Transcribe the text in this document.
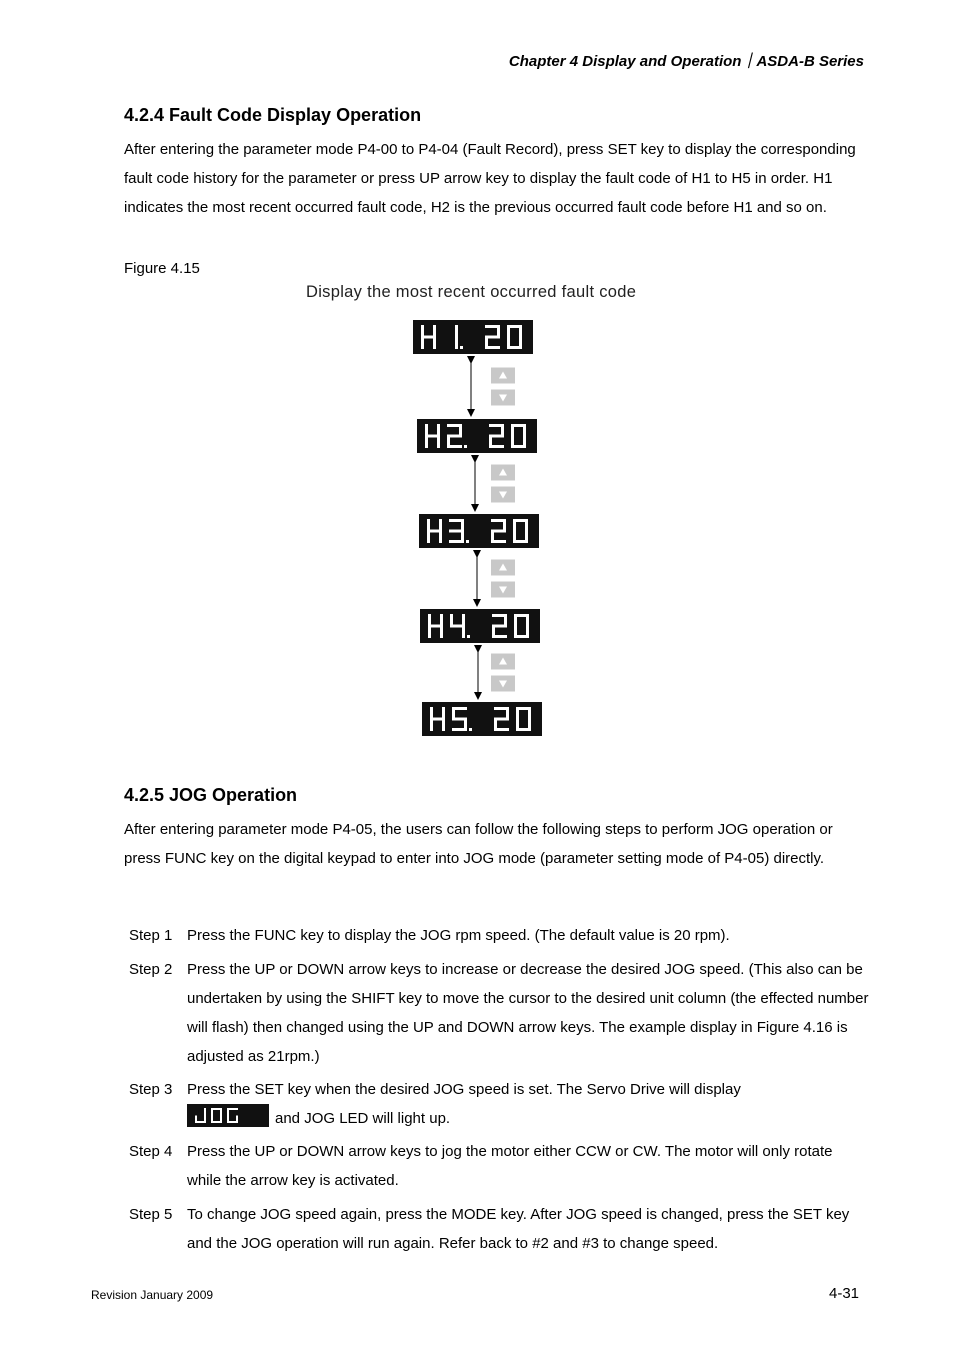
Chapter 4 Display and Operation｜ASDA-B Series
4.2.4 Fault Code Display Operation
After entering the parameter mode P4-00 to P4-04 (Fault Record), press SET key to display the corresponding fault code history for the parameter or press UP arrow key to display the fault code of H1 to H5 in order. H1 indicates the most recent occurred fault code, H2 is the previous occurred fault code before H1 and so on.
Figure 4.15
Display the most recent occurred fault code
4.2.5 JOG Operation
After entering parameter mode P4-05, the users can follow the following steps to perform JOG operation or press FUNC key on the digital keypad to enter into JOG mode (parameter setting mode of P4-05) directly.
Step 1 Press the FUNC key to display the JOG rpm speed. (The default value is 20 rpm).
Step 2 Press the UP or DOWN arrow keys to increase or decrease the desired JOG speed. (This also can be undertaken by using the SHIFT key to move the cursor to the desired unit column (the effected number will flash) then changed using the UP and DOWN arrow keys. The example display in Figure 4.16 is adjusted as 21rpm.)
Step 3 Press the SET key when the desired JOG speed is set. The Servo Drive will display
and JOG LED will light up.
Step 4 Press the UP or DOWN arrow keys to jog the motor either CCW or CW. The motor will only rotate while the arrow key is activated.
Step 5 To change JOG speed again, press the MODE key. After JOG speed is changed, press the SET key and the JOG operation will run again. Refer back to #2 and #3 to change speed.
Revision January 2009	4-31
